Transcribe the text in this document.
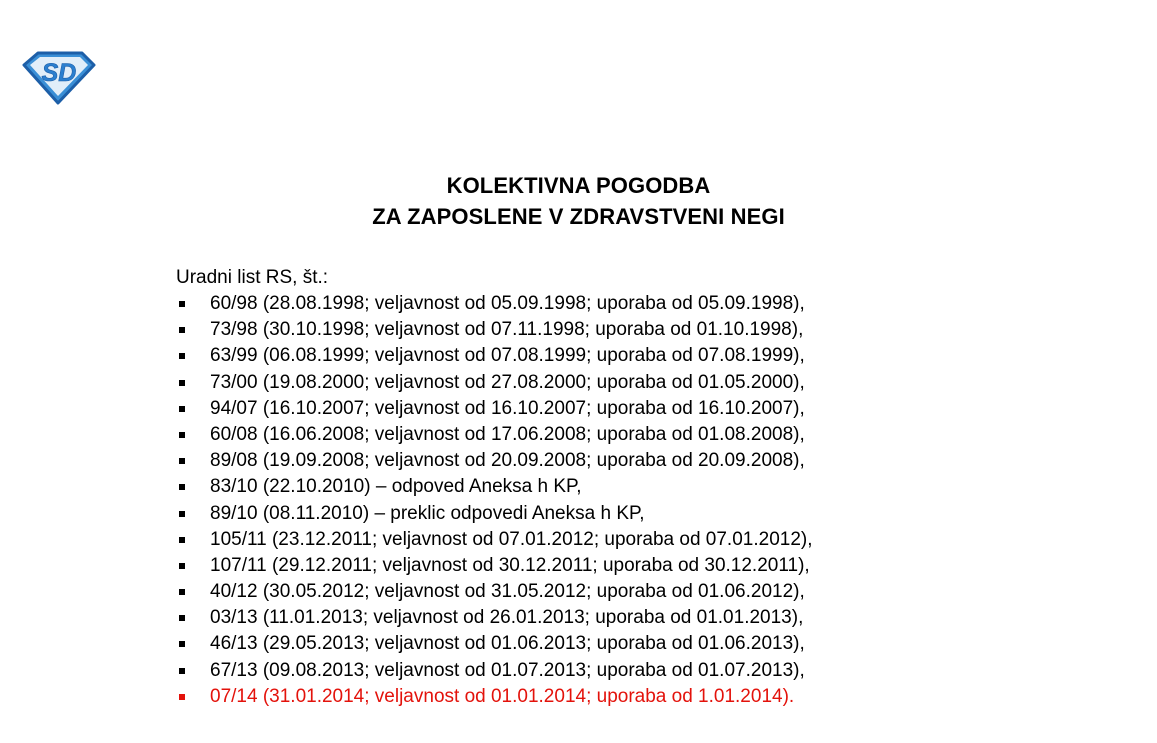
SD
KOLEKTIVNA POGODBA
ZA ZAPOSLENE V ZDRAVSTVENI NEGI
Uradni list RS, št.:
60/98 (28.08.1998; veljavnost od 05.09.1998; uporaba od 05.09.1998),
73/98 (30.10.1998; veljavnost od 07.11.1998; uporaba od 01.10.1998),
63/99 (06.08.1999; veljavnost od 07.08.1999; uporaba od 07.08.1999),
73/00 (19.08.2000; veljavnost od 27.08.2000; uporaba od 01.05.2000),
94/07 (16.10.2007; veljavnost od 16.10.2007; uporaba od 16.10.2007),
60/08 (16.06.2008; veljavnost od 17.06.2008; uporaba od 01.08.2008),
89/08 (19.09.2008; veljavnost od 20.09.2008; uporaba od 20.09.2008),
83/10 (22.10.2010) – odpoved Aneksa h KP,
89/10 (08.11.2010) – preklic odpovedi Aneksa h KP,
105/11 (23.12.2011; veljavnost od 07.01.2012; uporaba od 07.01.2012),
107/11 (29.12.2011; veljavnost od 30.12.2011; uporaba od 30.12.2011),
40/12 (30.05.2012; veljavnost od 31.05.2012; uporaba od 01.06.2012),
03/13 (11.01.2013; veljavnost od 26.01.2013; uporaba od 01.01.2013),
46/13 (29.05.2013; veljavnost od 01.06.2013; uporaba od 01.06.2013),
67/13 (09.08.2013; veljavnost od 01.07.2013; uporaba od 01.07.2013),
07/14 (31.01.2014; veljavnost od 01.01.2014; uporaba od 1.01.2014).
